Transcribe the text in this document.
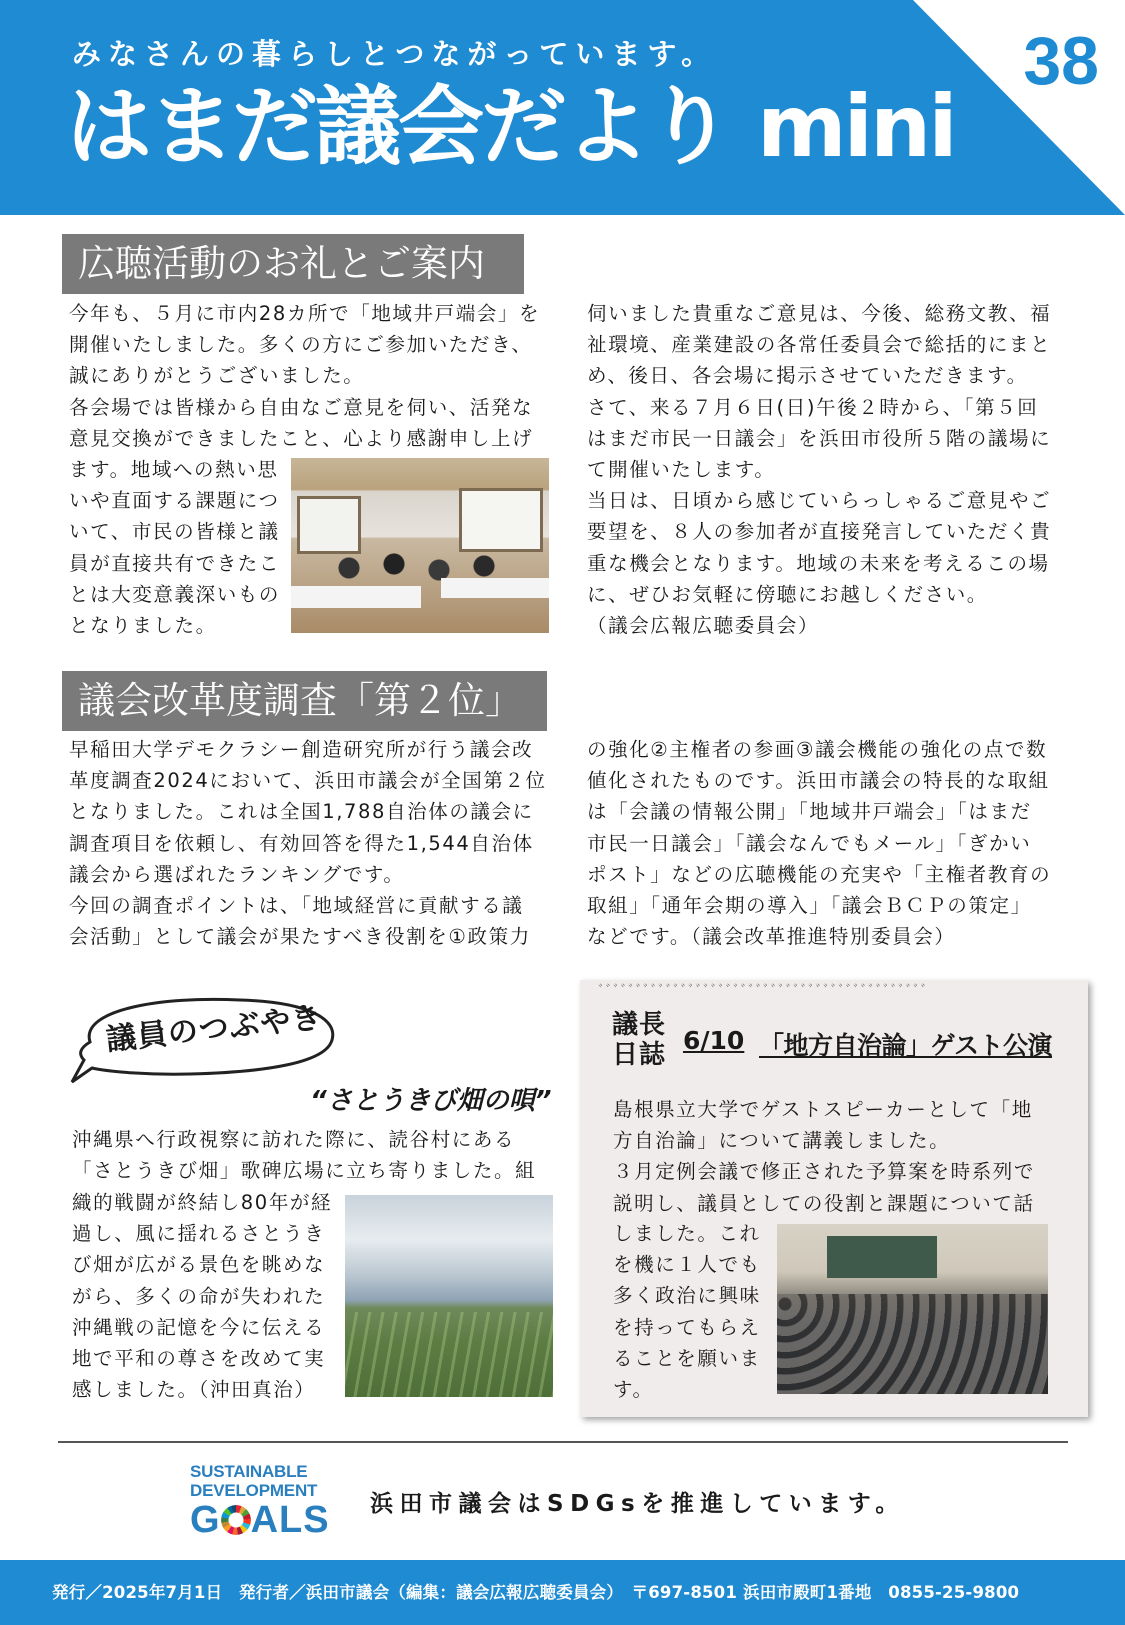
みなさんの暮らしとつながっています。
はまだ議会だより mini
38
広聴活動のお礼とご案内

今年も、５月に市内28カ所で「地域井戸端会」を

開催いたしました。多くの方にご参加いただき、

誠にありがとうございました。

各会場では皆様から自由なご意見を伺い、活発な

意見交換ができましたこと、心より感謝申し上げ

ます。地域への熱い思

いや直面する課題につ

いて、市民の皆様と議

員が直接共有できたこ

とは大変意義深いもの

となりました。

伺いました貴重なご意見は、今後、総務文教、福

祉環境、産業建設の各常任委員会で総括的にまと

め、後日、各会場に掲示させていただきます。

さて、来る７月６日(日)午後２時から、「第５回

はまだ市民一日議会」を浜田市役所５階の議場に

て開催いたします。

当日は、日頃から感じていらっしゃるご意見やご

要望を、８人の参加者が直接発言していただく貴

重な機会となります。地域の未来を考えるこの場

に、ぜひお気軽に傍聴にお越しください。

（議会広報広聴委員会）

議会改革度調査「第２位」

早稲田大学デモクラシー創造研究所が行う議会改

革度調査2024において、浜田市議会が全国第２位

となりました。これは全国1,788自治体の議会に

調査項目を依頼し、有効回答を得た1,544自治体

議会から選ばれたランキングです。

今回の調査ポイントは、「地域経営に貢献する議

会活動」として議会が果たすべき役割を①政策力

の強化②主権者の参画③議会機能の強化の点で数

値化されたものです。浜田市議会の特長的な取組

は「会議の情報公開」「地域井戸端会」「はまだ

市民一日議会」「議会なんでもメール」「ぎかい

ポスト」などの広聴機能の充実や「主権者教育の

取組」「通年会期の導入」「議会ＢＣＰの策定」

などです。（議会改革推進特別委員会）

議員のつぶやき
“さとうきび畑の唄”

沖縄県へ行政視察に訪れた際に、読谷村にある

「さとうきび畑」歌碑広場に立ち寄りました。組

織的戦闘が終結し80年が経

過し、風に揺れるさとうき

び畑が広がる景色を眺めな

がら、多くの命が失われた

沖縄戦の記憶を今に伝える

地で平和の尊さを改めて実

感しました。（沖田真治）

ﾞﾞﾞﾞﾞﾞﾞﾞﾞﾞﾞﾞﾞﾞﾞﾞﾞﾞﾞﾞﾞﾞﾞﾞﾞﾞﾞﾞﾞﾞﾞﾞﾞﾞﾞﾞﾞﾞﾞﾞﾞﾞﾞﾞ
議長
日誌 6/10 「地方自治論」ゲスト公演

島根県立大学でゲストスピーカーとして「地

方自治論」について講義しました。

３月定例会議で修正された予算案を時系列で

説明し、議員としての役割と課題について話

しました。これ

を機に１人でも

多く政治に興味

を持ってもらえ

ることを願いま

す。

SUSTAINABLE
DEVELOPMENT
G ALS 浜田市議会はSDGsを推進しています。
発行／2025年7月1日　発行者／浜田市議会（編集：議会広報広聴委員会）　〒697-8501 浜田市殿町1番地　0855-25-9800
